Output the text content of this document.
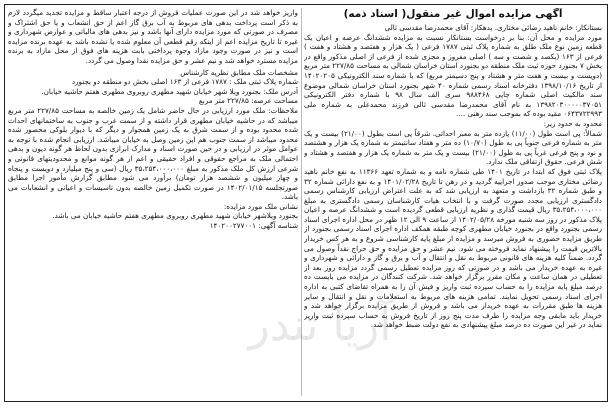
آگهی مزایده اموال غیر منقول( اسناد ذمه)

بستانکار: خانم ناهید رضائی مختاری. بدهکار: آقای محمدرضا مقدسی ثالی

مورد مزایده و محل آن: بنا بر درخواست بستانکار نسبت به مزایده ششدانگ عرصه و اعیان یک قطعه زمین نوع ملک طلق به شماره پلاک ثبتی ۱۷۸۷ فرعی ( یک هزار و هفتصد و هشتاد و هفت ) فرعی از ۱۶۳ (یکصد و شصت و سه ) اصلی مفروز و مجزی شده از فرعی از اصلی مذکور واقع در بخش ۷ بجنورد حوزه ثبت ملک منطقه دو بجنورد استان خراسان شمالی به مساحت ۲۲۷/۸۵ متر مربع (دویست و بیست و هفت متر و هشتاد و پنج دسیمتر مربع) که با شماره سند الکترونیکی ۱۴۰۲۰۲۰۵ از تاریخ ۱۳۹۸/۱۰/۱۶ دفترخانه اسناد رسمی شماره ۴۰ شهر بجنورد استان خراسان شمالی موضوع سند مالکیت اصلی شماره چاپی ۹۸۸۴۶۸ سری الف سال ۹۸ با شماره دفتر الکترونیکی ۱۳۹۸۲۰۳۰۰۰۰۰۳۷۰۵۱ به نام آقای محمدرضا مقدسی ثالی فرزند محمدعلی به شماره ملی ۰۶۴۳۷۲۲۹۹۳ مقید بوده که بموجب سند رهنی ....

محدود به حدود زیر:

شمالاً: پی است طول (۱۱/۰۰) یازده متر به معبر احداثی. شرقاً پی است بطول (۲۱/۰۰) بیست و یک متر به شماره فرعی جنوباً پی به طول (۱۰/۷۰) ده متر و هفتاد سانتیمتر به شماره یک هزار و هشتصد و نود و پنج فرعی غرباً پی به طول (۲۱/۰۰) بیست و یک متر به شماره یک هزار و هفتصد و هشتاد و شش فرعی. حقوق ارتفاقی ملک ندارد.

پلاک ثبتی فوق که ابتدا در تاریخ ۱۴۰۱ طی شماره نامه و به شماره تعهد ۱۱۳۶۶ به نفع خانم ناهید رضائی مختاری موجب صدور اجراییه گردید و در رهن تا تاریخ ۱۴۰۱/۰۲/۲۸ و به نفع دارائی شماره ۳۲ و طبق شماره ۳۲ بازداشت و متعهد به ارزیابی شد که به علت اعتراض ارزیابی کارشناس رسمی دادگستری ارزیابی مجدد صورت گرفت و با انتخاب هیات کارشناسان رسمی دادگستری به مبلغ ۳۵،۲۵۴،۰۰۰،۰۰۰ ریال قیمت گذاری و نظریه ارزیابی قطعی گردیده است و ششدانگ عرصه و اعیان پلاک مذکور در روز سه شنبه مورخه ۱۴۰۲/۰۵/۲۸ از ساعت ۹ الی ۱۲ ظهر در محل اداره اجرای اسناد رسمی بجنورد واقع در بجنورد خیابان مطهری کوچه طبقه همکف اداره اجرای اسناد رسمی بجنورد از طریق مزایده حضوری به فروش میرسد و مزایده از مبلغ پایه کارشناسی شروع و به هر کس خریدار بالاترین قیمت را پیشنهاد نماید فروخته می شود. نیم عشر و حق مزایده و حق حراج نقداً وصول می گردد. ضمناً کلیه هزینه های قانونی مربوط به نقل و انتقال و آب و برق و گاز و دارائی و شهرداری و غیره به عهده خریدار می باشد و در صورتی که روز مزایده تعطیل رسمی گردد مزایده روز بعد از تعطیلی در همان ساعت و مکان مقرر برگزار خواهد شد. شرکت کنندگان در مزایده می بایست ده درصد مبلغ پایه مزایده را به حساب سپرده ثبت واریز و فیش آن را به همراه تقاضای کتبی به اداره اجرای اسناد رسمی تحویل نمایند. تمامی هزینه های مربوط به استعلامات و نقل و انتقال و سایر هزینه ها طبق مقررات به عهده خریدار می باشد و فروش از طریق مزایده برگزار خواهد شد و خریدار باید مابقی وجه مزایده را طرف مدت پنج روز از تاریخ فروش به حساب سپرده ثبت واریز نماید در غیر این صورت ده درصد مبلغ پیشنهادی به نفع دولت ضبط خواهد شد.

واریز خواهد شد در این صورت عملیات فروش از درجه اعتبار ساقط و مزایده تجدید میگردد لازم به ذکر است پرداخت بدهی های مربوط به آب برق گاز اعم از حق انشعاب و یا حق اشتراک و مصرف در صورتی که مورد مزایده دارای آنها باشد و نیز بدهی های مالیاتی و عوارض شهرداری و غیره تا تاریخ مزایده اعم از اینکه رقم قطعی آن معلوم شده یا نشده باشد به عهده برنده مزایده است و نیز در صورت وجود مازاد وجوه پرداختی بابت هزینه های فوق از محل مازاد به برنده مزایده مسترد خواهد شد و نیم عشر و حق مزایده نقدا وصول می گردد.

مشخصات ملک مطابق نظریه کارشناس

شماره پلاک ثبتی ملک : ۱۷۸۷ فرعی از ۱۶۳ اصلی بخش دو منطقه دو بجنورد

آدرس ملک: بجنورد ویلا شهر خیابان شهید مطهری روبروی مطهری هفتم حاشیه خیابان.

مساحت عرصه: ۲۲۷/۸۵ متر مربع

ملاحظات: ملک مورد ارزیابی در حال حاضر شامل یک زمین خالصه به مساحت ۲۲۷/۸۵ متر مربع میباشد که در حاشیه خیابان مطهری قرار داشته و از سمت غرب و جنوب به ساختمانهای احداث شده محدود بوده و از سمت شرق به یک زمین همجوار و دیگر که با دیوار بلوکی محصور شده محدود میباشد از سمت جنوب هم این زمین وصل به خیابان میباشد. ارزیابی انجام شده با توجه به عوامل موثر در ارزیابی و در حین صورت اسناد و مدارک ابرازی بدون لحاظ هر گونه دیون و بدهی احتمالی ملک به مراجع حقوقی و افراد حقیقی و اعم از هر گونه موانع و محدودیتهای قانونی و شرعی ارزش کل ملک مذکور به مبلغ ۳۵،۲۵۴،۰۰۰،۰۰۰ ریال (سی و پنج میلیارد و دویست و پنجاه و چهار میلیون و ششصد هزار تومان) برآورد می شود مطابق گزارش مأمور اجرا مطابق صورتجلسه ۱۴۰۲/۰۱/۱۵ در صورت تکمیل زمین خالصه بدون تاسیسات و اعیانی و انشعابات می باشد.

نشانی ملک مورد مزایده:

بجنورد ویلاشهر خیابان شهید مطهری روبروی مطهری هفتم حاشیه خیابان می باشد.

شناسه آگهی: ۱۴۰۲۰۰۲۷۷۰۰۱

آریا تندر
